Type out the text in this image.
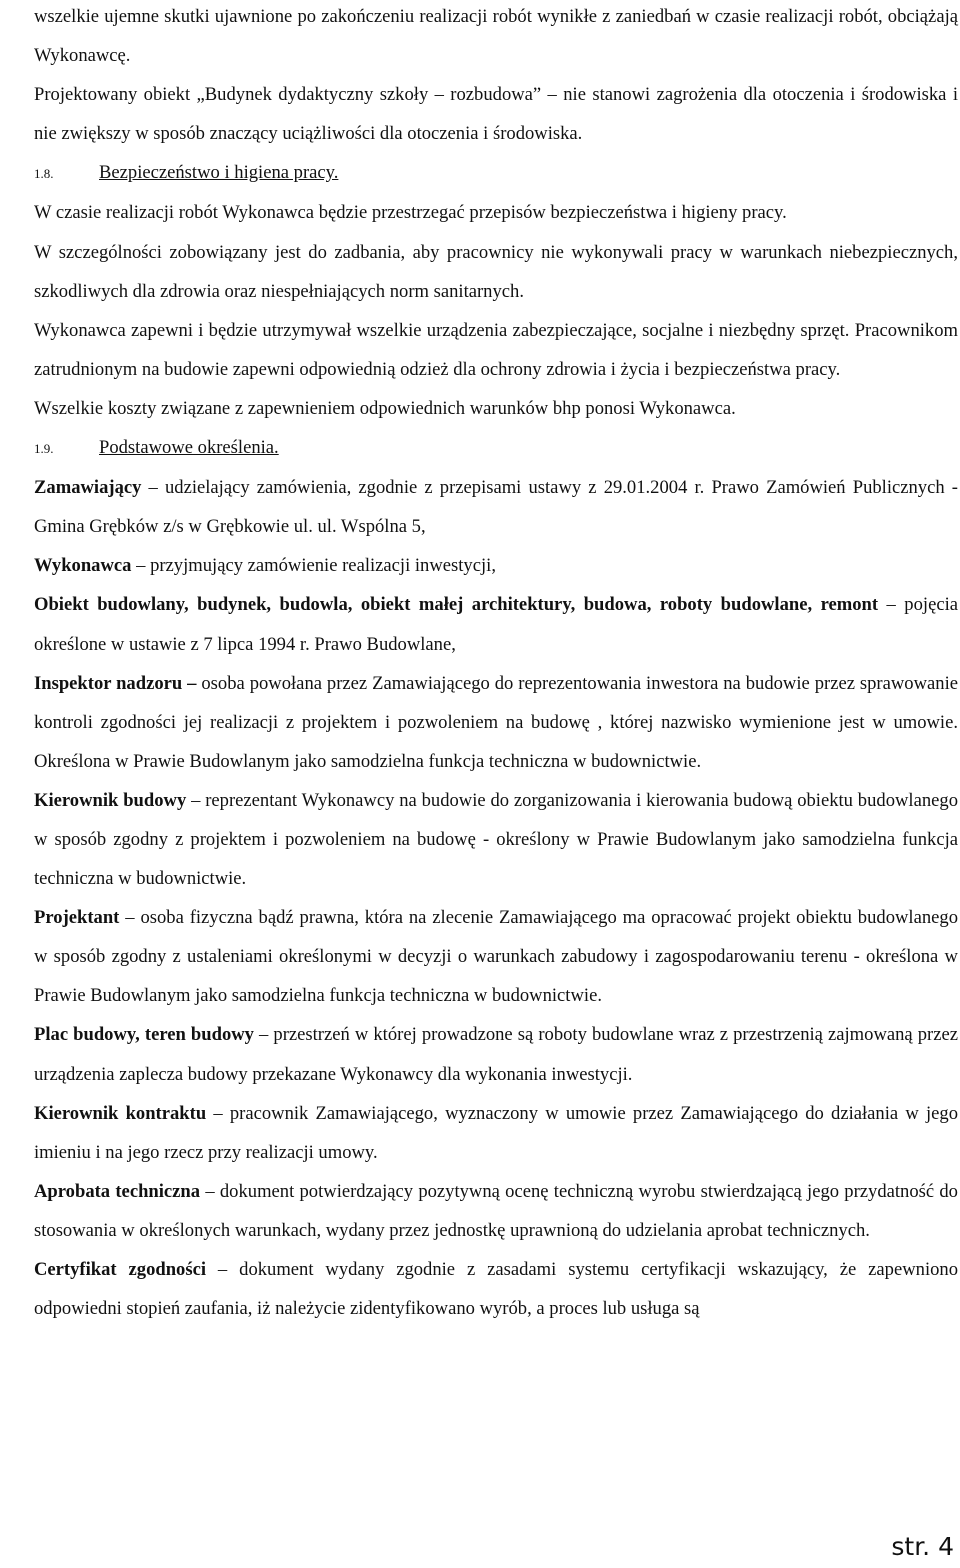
wszelkie ujemne skutki ujawnione po zakończeniu realizacji robót wynikłe z zaniedbań w czasie realizacji robót, obciążają Wykonawcę.

Projektowany obiekt „Budynek dydaktyczny szkoły – rozbudowa” – nie stanowi zagrożenia dla otoczenia i środowiska i nie zwiększy w sposób znaczący uciążliwości dla otoczenia i środowiska.

1.8. Bezpieczeństwo i higiena pracy.

W czasie realizacji robót Wykonawca będzie przestrzegać przepisów bezpieczeństwa i higieny pracy.

W szczególności zobowiązany jest do zadbania, aby pracownicy nie wykonywali pracy w warunkach niebezpiecznych, szkodliwych dla zdrowia oraz niespełniających norm sanitarnych.

Wykonawca zapewni i będzie utrzymywał wszelkie urządzenia zabezpieczające, socjalne i niezbędny sprzęt. Pracownikom zatrudnionym na budowie zapewni odpowiednią odzież dla ochrony zdrowia i życia i bezpieczeństwa pracy.

Wszelkie koszty związane z zapewnieniem odpowiednich warunków bhp ponosi Wykonawca.

1.9. Podstawowe określenia.

Zamawiający – udzielający zamówienia, zgodnie z przepisami ustawy z 29.01.2004 r. Prawo Zamówień Publicznych - Gmina Grębków z/s w Grębkowie ul. ul. Wspólna 5,

Wykonawca – przyjmujący zamówienie realizacji inwestycji,

Obiekt budowlany, budynek, budowla, obiekt małej architektury, budowa, roboty budowlane, remont – pojęcia określone w ustawie z 7 lipca 1994 r. Prawo Budowlane,

Inspektor nadzoru – osoba powołana przez Zamawiającego do reprezentowania inwestora na budowie przez sprawowanie kontroli zgodności jej realizacji z projektem i pozwoleniem na budowę , której nazwisko wymienione jest w umowie. Określona w Prawie Budowlanym jako samodzielna funkcja techniczna w budownictwie.

Kierownik budowy – reprezentant Wykonawcy na budowie do zorganizowania i kierowania budową obiektu budowlanego w sposób zgodny z projektem i pozwoleniem na budowę - określony w Prawie Budowlanym jako samodzielna funkcja techniczna w budownictwie.

Projektant – osoba fizyczna bądź prawna, która na zlecenie Zamawiającego ma opracować projekt obiektu budowlanego w sposób zgodny z ustaleniami określonymi w decyzji o warunkach zabudowy i zagospodarowaniu terenu - określona w Prawie Budowlanym jako samodzielna funkcja techniczna w budownictwie.

Plac budowy, teren budowy – przestrzeń w której prowadzone są roboty budowlane wraz z przestrzenią zajmowaną przez urządzenia zaplecza budowy przekazane Wykonawcy dla wykonania inwestycji.

Kierownik kontraktu – pracownik Zamawiającego, wyznaczony w umowie przez Zamawiającego do działania w jego imieniu i na jego rzecz przy realizacji umowy.

Aprobata techniczna – dokument potwierdzający pozytywną ocenę techniczną wyrobu stwierdzającą jego przydatność do stosowania w określonych warunkach, wydany przez jednostkę uprawnioną do udzielania aprobat technicznych.

Certyfikat zgodności – dokument wydany zgodnie z zasadami systemu certyfikacji wskazujący, że zapewniono odpowiedni stopień zaufania, iż należycie zidentyfikowano wyrób, a proces lub usługa są

str. 4
